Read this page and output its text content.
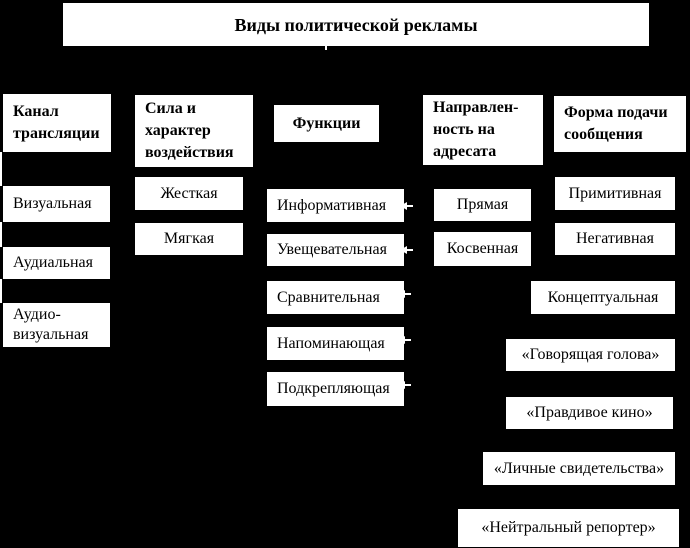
Виды политической рекламы
Канал трансляции
Сила и характер воздействия
Функции
Направлен-ность на адресата
Форма подачи сообщения
Визуальная
Аудиальная
Аудио-визуальная
Жесткая
Мягкая
Информативная
Увещевательная
Сравнительная
Напоминающая
Подкрепляющая
Прямая
Косвенная
Примитивная
Негативная
Концептуальная
«Говорящая голова»
«Правдивое кино»
«Личные свидетельства»
«Нейтральный репортер»
